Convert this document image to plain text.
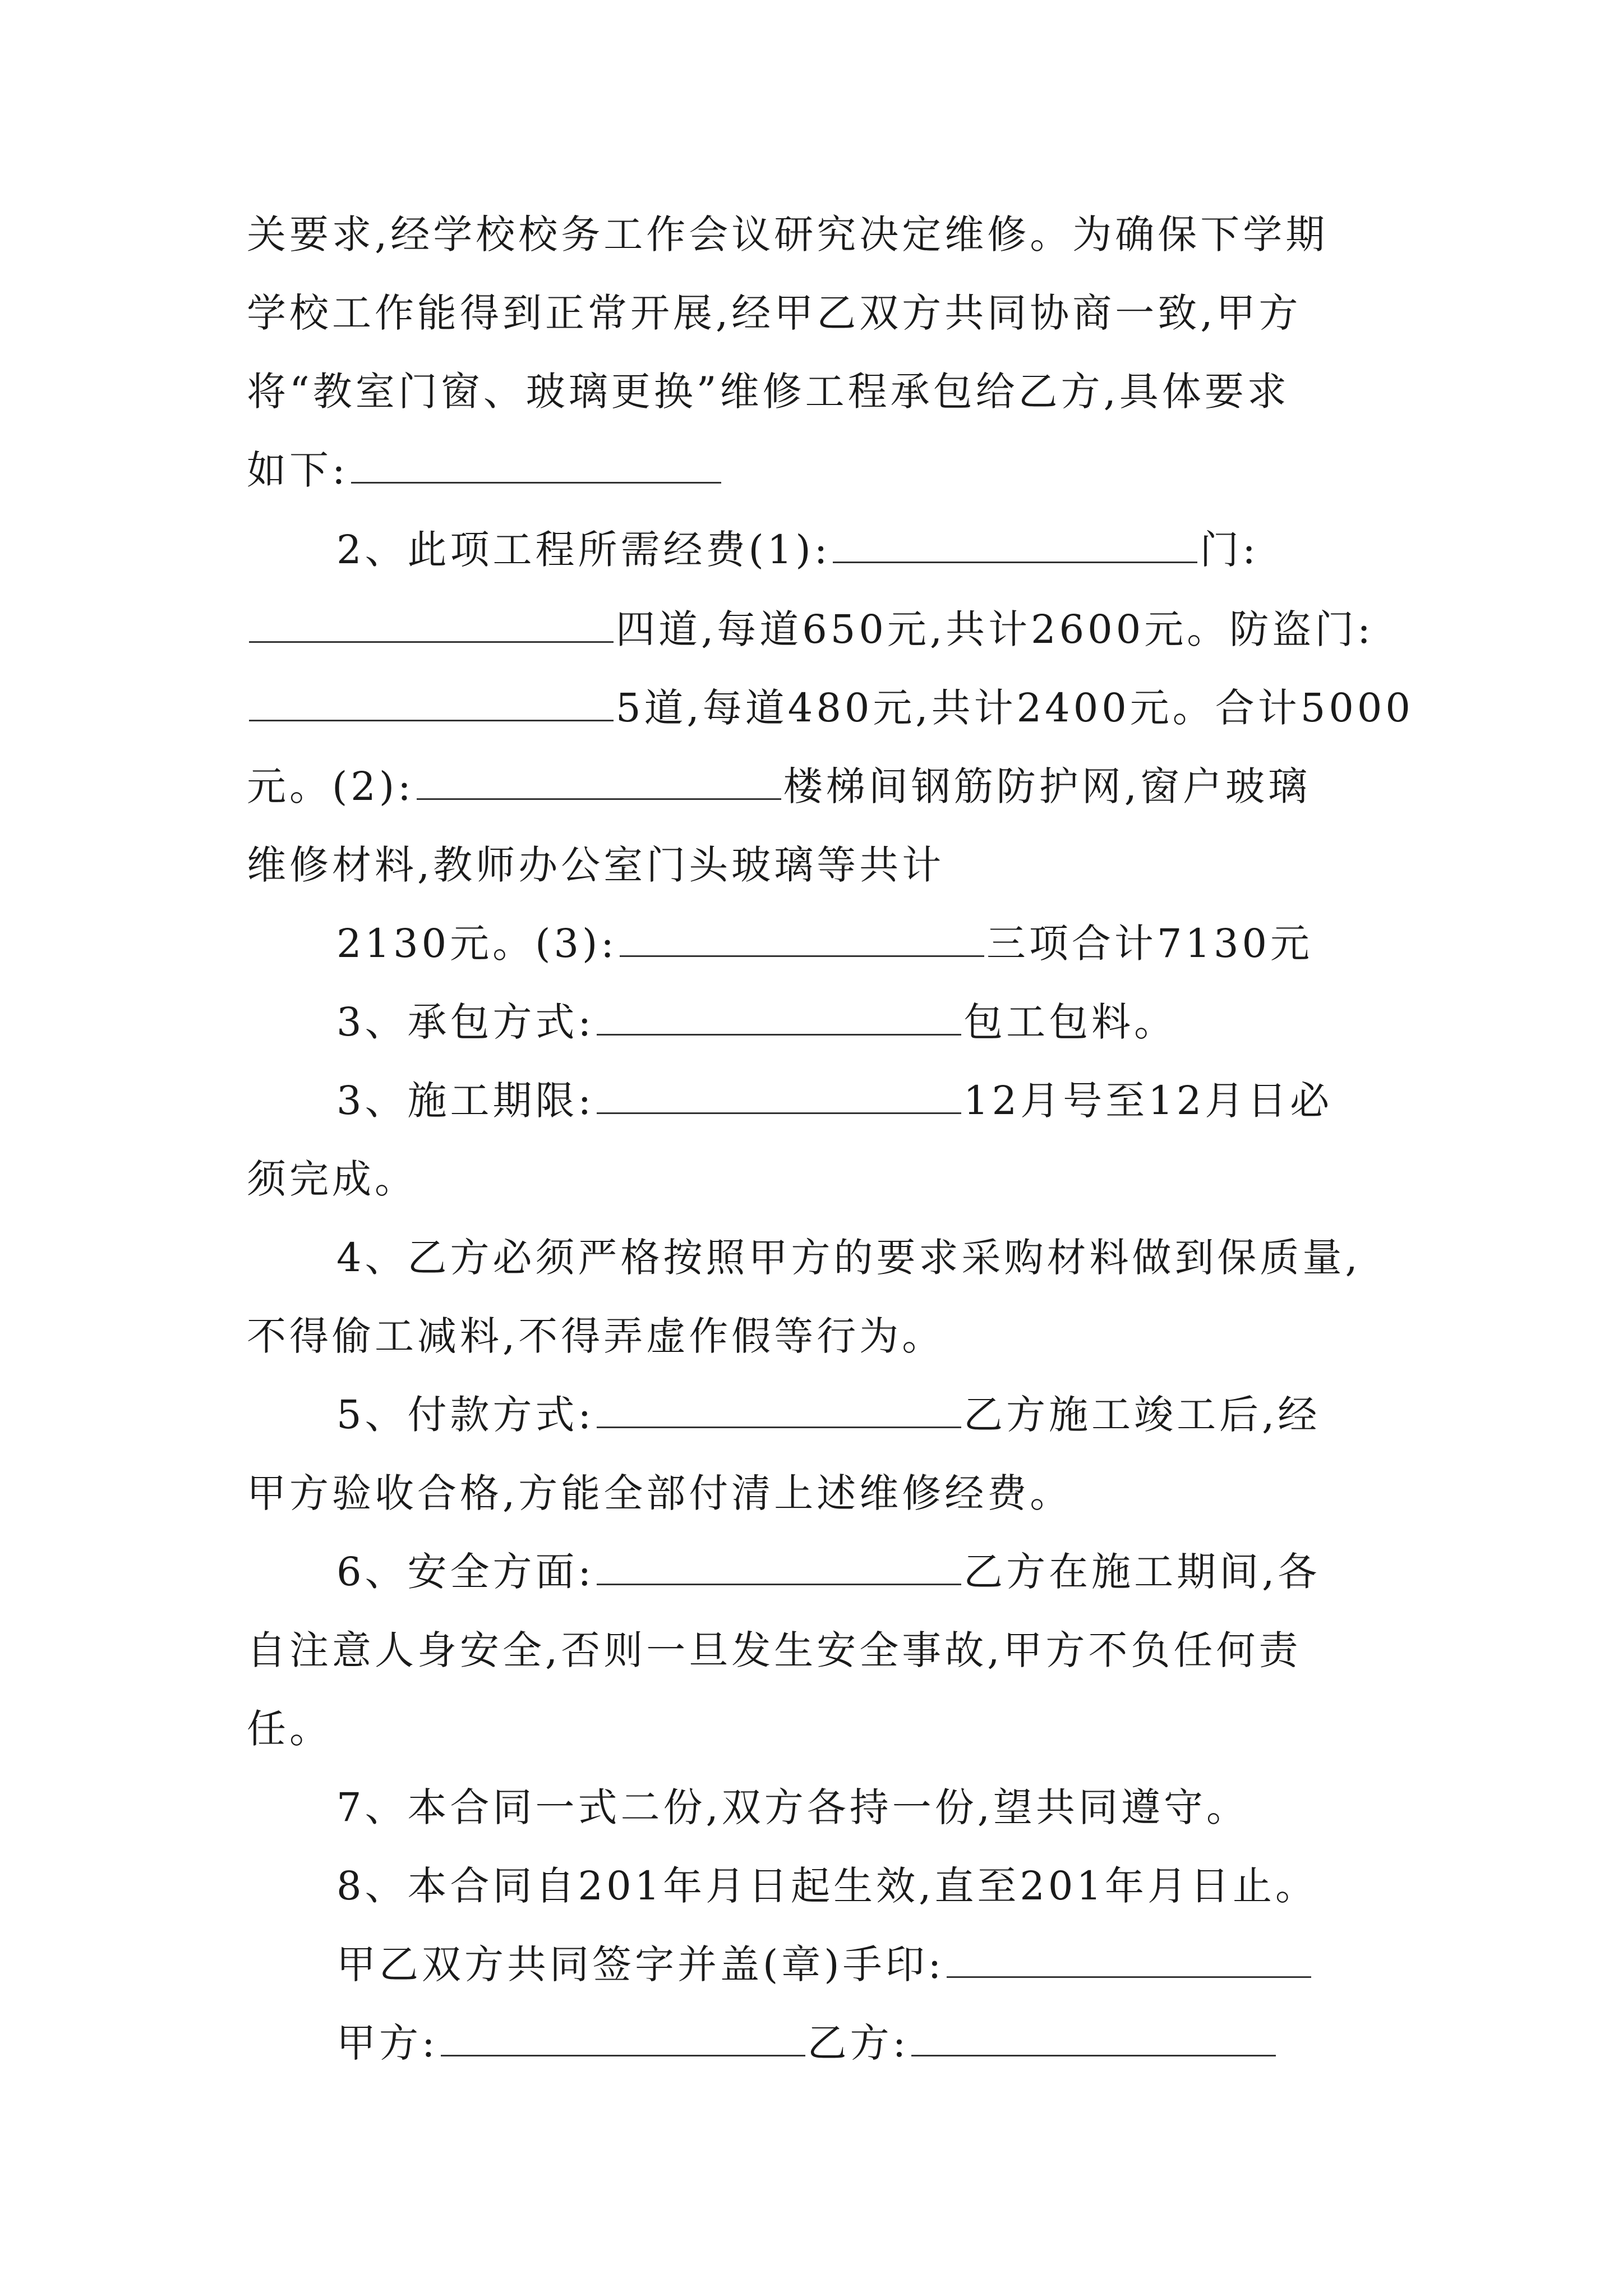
关要求,经学校校务工作会议研究决定维修。为确保下学期
学校工作能得到正常开展,经甲乙双方共同协商一致,甲方
将“教室门窗、玻璃更换”维修工程承包给乙方,具体要求
如下:
2、此项工程所需经费(1):	门:
四道,每道650元,共计2600元。防盗门:
5道,每道480元,共计2400元。合计5000
元。(2):	楼梯间钢筋防护网,窗户玻璃
维修材料,教师办公室门头玻璃等共计
2130元。(3):	三项合计7130元
3、承包方式:	包工包料。
3、施工期限:	12月号至12月日必
须完成。
4、乙方必须严格按照甲方的要求采购材料做到保质量,
不得偷工减料,不得弄虚作假等行为。
5、付款方式:	乙方施工竣工后,经
甲方验收合格,方能全部付清上述维修经费。
6、安全方面:	乙方在施工期间,各
自注意人身安全,否则一旦发生安全事故,甲方不负任何责
任。
7、本合同一式二份,双方各持一份,望共同遵守。
8、本合同自201年月日起生效,直至201年月日止。
甲乙双方共同签字并盖(章)手印:
甲方:	乙方:
